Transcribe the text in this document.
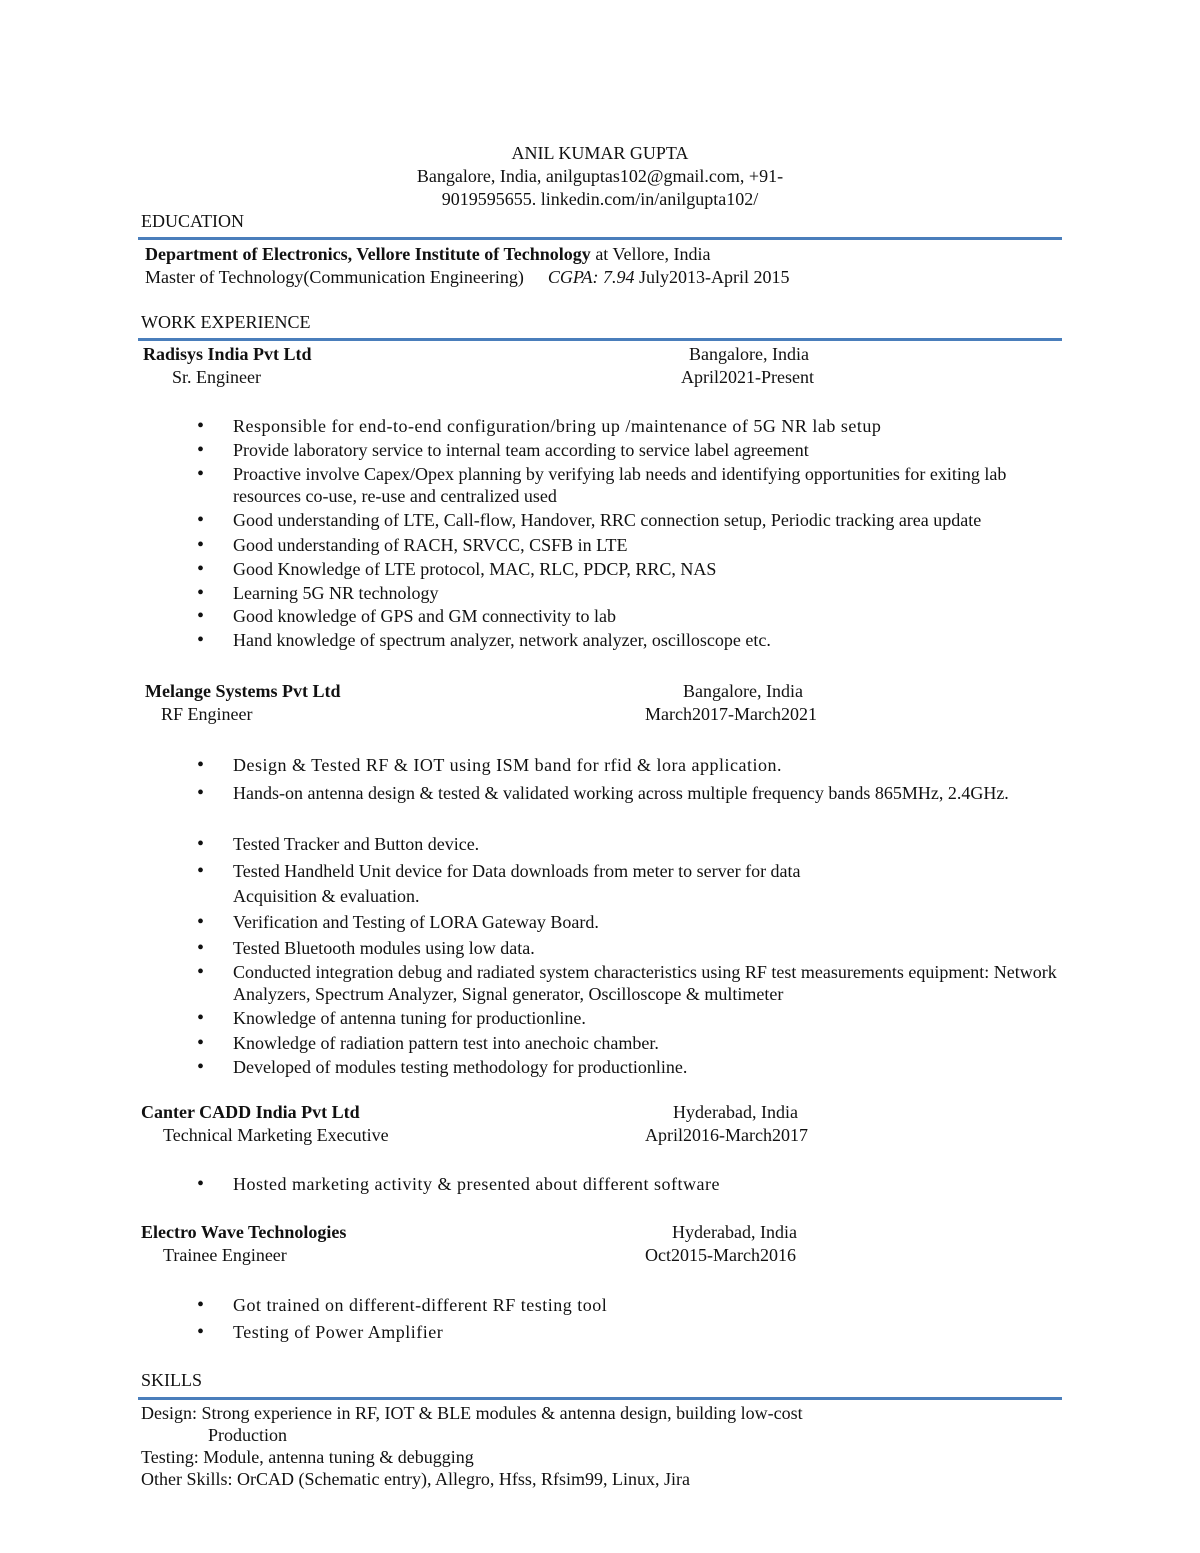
ANIL KUMAR GUPTA
Bangalore, India, anilguptas102@gmail.com, +91-
9019595655. linkedin.com/in/anilgupta102/
EDUCATION
Department of Electronics, Vellore Institute of Technology at Vellore, India
Master of Technology(Communication Engineering) CGPA: 7.94 July2013-April 2015
WORK EXPERIENCE
Radisys India Pvt Ltd	Bangalore, India
Sr. Engineer	April2021-Present
• Responsible for end-to-end configuration/bring up /maintenance of 5G NR lab setup
• Provide laboratory service to internal team according to service label agreement
• Proactive involve Capex/Opex planning by verifying lab needs and identifying opportunities for exiting lab resources co-use, re-use and centralized used
• Good understanding of LTE, Call-flow, Handover, RRC connection setup, Periodic tracking area update
• Good understanding of RACH, SRVCC, CSFB in LTE
• Good Knowledge of LTE protocol, MAC, RLC, PDCP, RRC, NAS
• Learning 5G NR technology
• Good knowledge of GPS and GM connectivity to lab
• Hand knowledge of spectrum analyzer, network analyzer, oscilloscope etc.
Melange Systems Pvt Ltd	Bangalore, India
RF Engineer	March2017-March2021
• Design & Tested RF & IOT using ISM band for rfid & lora application.
• Hands-on antenna design & tested & validated working across multiple frequency bands 865MHz, 2.4GHz.
• Tested Tracker and Button device.
• Tested Handheld Unit device for Data downloads from meter to server for data Acquisition & evaluation.
• Verification and Testing of LORA Gateway Board.
• Tested Bluetooth modules using low data.
• Conducted integration debug and radiated system characteristics using RF test measurements equipment: Network Analyzers, Spectrum Analyzer, Signal generator, Oscilloscope & multimeter
• Knowledge of antenna tuning for productionline.
• Knowledge of radiation pattern test into anechoic chamber.
• Developed of modules testing methodology for productionline.
Canter CADD India Pvt Ltd	Hyderabad, India
Technical Marketing Executive	April2016-March2017
• Hosted marketing activity & presented about different software
Electro Wave Technologies	Hyderabad, India
Trainee Engineer	Oct2015-March2016
• Got trained on different-different RF testing tool
• Testing of Power Amplifier
SKILLS
Design: Strong experience in RF, IOT & BLE modules & antenna design, building low-cost
Production
Testing: Module, antenna tuning & debugging
Other Skills: OrCAD (Schematic entry), Allegro, Hfss, Rfsim99, Linux, Jira
